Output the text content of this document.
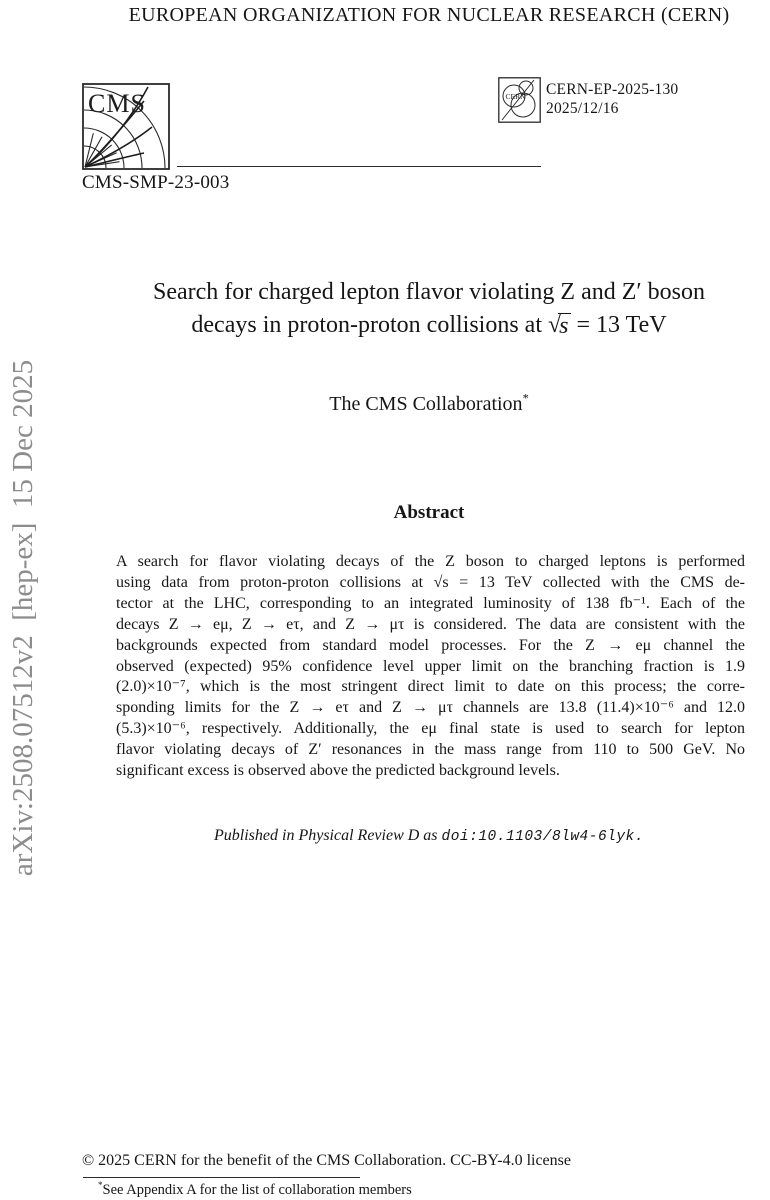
EUROPEAN ORGANIZATION FOR NUCLEAR RESEARCH (CERN)
CMS
CMS-SMP-23-003
CERN CERN-EP-2025-130
2025/12/16
Search for charged lepton flavor violating Z and Z′ boson
decays in proton-proton collisions at √s = 13 TeV
The CMS Collaboration*
Abstract
A search for flavor violating decays of the Z boson to charged leptons is performed
using data from proton-proton collisions at √s = 13 TeV collected with the CMS de-
tector at the LHC, corresponding to an integrated luminosity of 138 fb⁻¹. Each of the
decays Z → eμ, Z → eτ, and Z → μτ is considered. The data are consistent with the
backgrounds expected from standard model processes. For the Z → eμ channel the
observed (expected) 95% confidence level upper limit on the branching fraction is 1.9
(2.0)×10⁻⁷, which is the most stringent direct limit to date on this process; the corre-
sponding limits for the Z → eτ and Z → μτ channels are 13.8 (11.4)×10⁻⁶ and 12.0
(5.3)×10⁻⁶, respectively. Additionally, the eμ final state is used to search for lepton
flavor violating decays of Z′ resonances in the mass range from 110 to 500 GeV. No
significant excess is observed above the predicted background levels.
Published in Physical Review D as doi:10.1103/8lw4-6lyk.
arXiv:2508.07512v2  [hep-ex]  15 Dec 2025
© 2025 CERN for the benefit of the CMS Collaboration. CC-BY-4.0 license
*See Appendix A for the list of collaboration members
